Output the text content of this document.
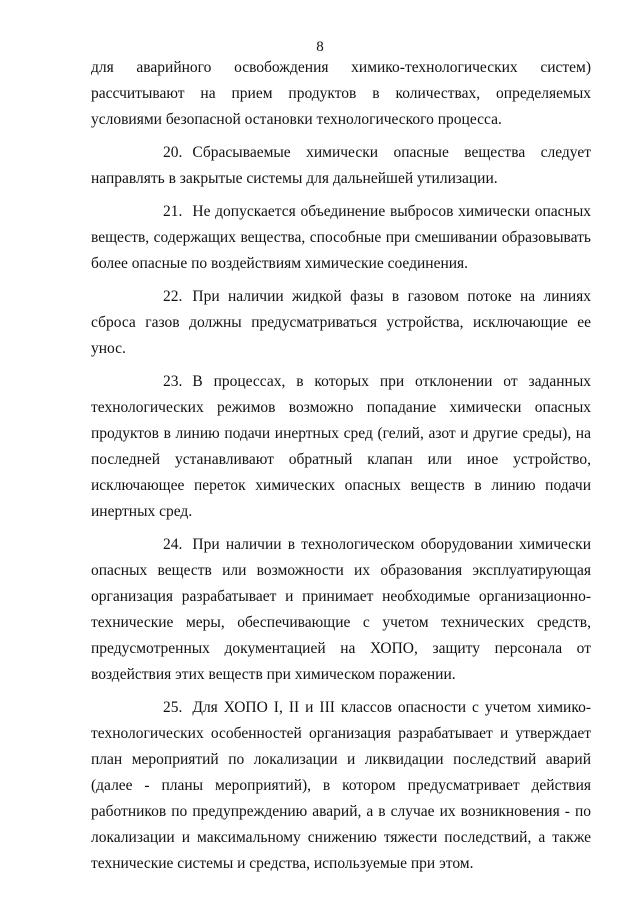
8

для аварийного освобождения химико-технологических систем) рассчитывают на прием продуктов в количествах, определяемых условиями безопасной остановки технологического процесса.

20. Сбрасываемые химически опасные вещества следует направлять в закрытые системы для дальнейшей утилизации.

21. Не допускается объединение выбросов химически опасных веществ, содержащих вещества, способные при смешивании образовывать более опасные по воздействиям химические соединения.

22. При наличии жидкой фазы в газовом потоке на линиях сброса газов должны предусматриваться устройства, исключающие ее унос.

23. В процессах, в которых при отклонении от заданных технологических режимов возможно попадание химически опасных продуктов в линию подачи инертных сред (гелий, азот и другие среды), на последней устанавливают обратный клапан или иное устройство, исключающее переток химических опасных веществ в линию подачи инертных сред.

24. При наличии в технологическом оборудовании химически опасных веществ или возможности их образования эксплуатирующая организация разрабатывает и принимает необходимые организационно-технические меры, обеспечивающие с учетом технических средств, предусмотренных документацией на ХОПО, защиту персонала от воздействия этих веществ при химическом поражении.

25. Для ХОПО I, II и III классов опасности с учетом химико-технологических особенностей организация разрабатывает и утверждает план мероприятий по локализации и ликвидации последствий аварий (далее - планы мероприятий), в котором предусматривает действия работников по предупреждению аварий, а в случае их возникновения - по локализации и максимальному снижению тяжести последствий, а также технические системы и средства, используемые при этом.
